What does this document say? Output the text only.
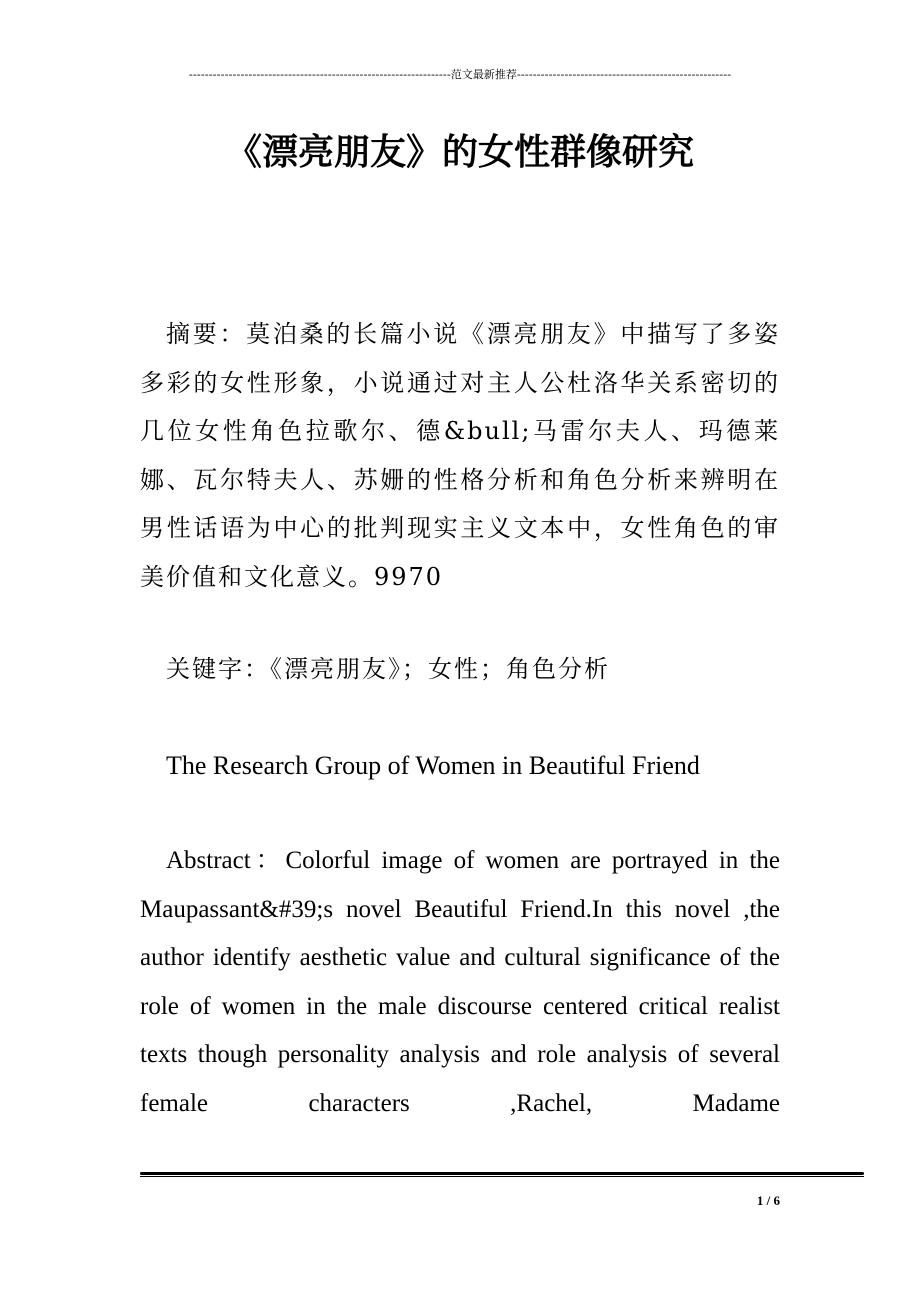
------------------------------------------------------------------范文最新推荐------------------------------------------------------
《漂亮朋友》的女性群像研究
摘要：莫泊桑的长篇小说《漂亮朋友》中描写了多姿多彩的女性形象，小说通过对主人公杜洛华关系密切的几位女性角色拉歌尔、德&bull;马雷尔夫人、玛德莱娜、瓦尔特夫人、苏姗的性格分析和角色分析来辨明在男性话语为中心的批判现实主义文本中，女性角色的审美价值和文化意义。9970
关键字：《漂亮朋友》；女性；角色分析
The Research Group of Women in Beautiful Friend
Abstract：Colorful image of women are portrayed in the Maupassant&#39;s novel Beautiful Friend.In this novel ,the author identify aesthetic value and cultural significance of the role of women in the male discourse centered critical realist texts though personality analysis and role analysis of several female characters ,Rachel, Madame
1 / 6
